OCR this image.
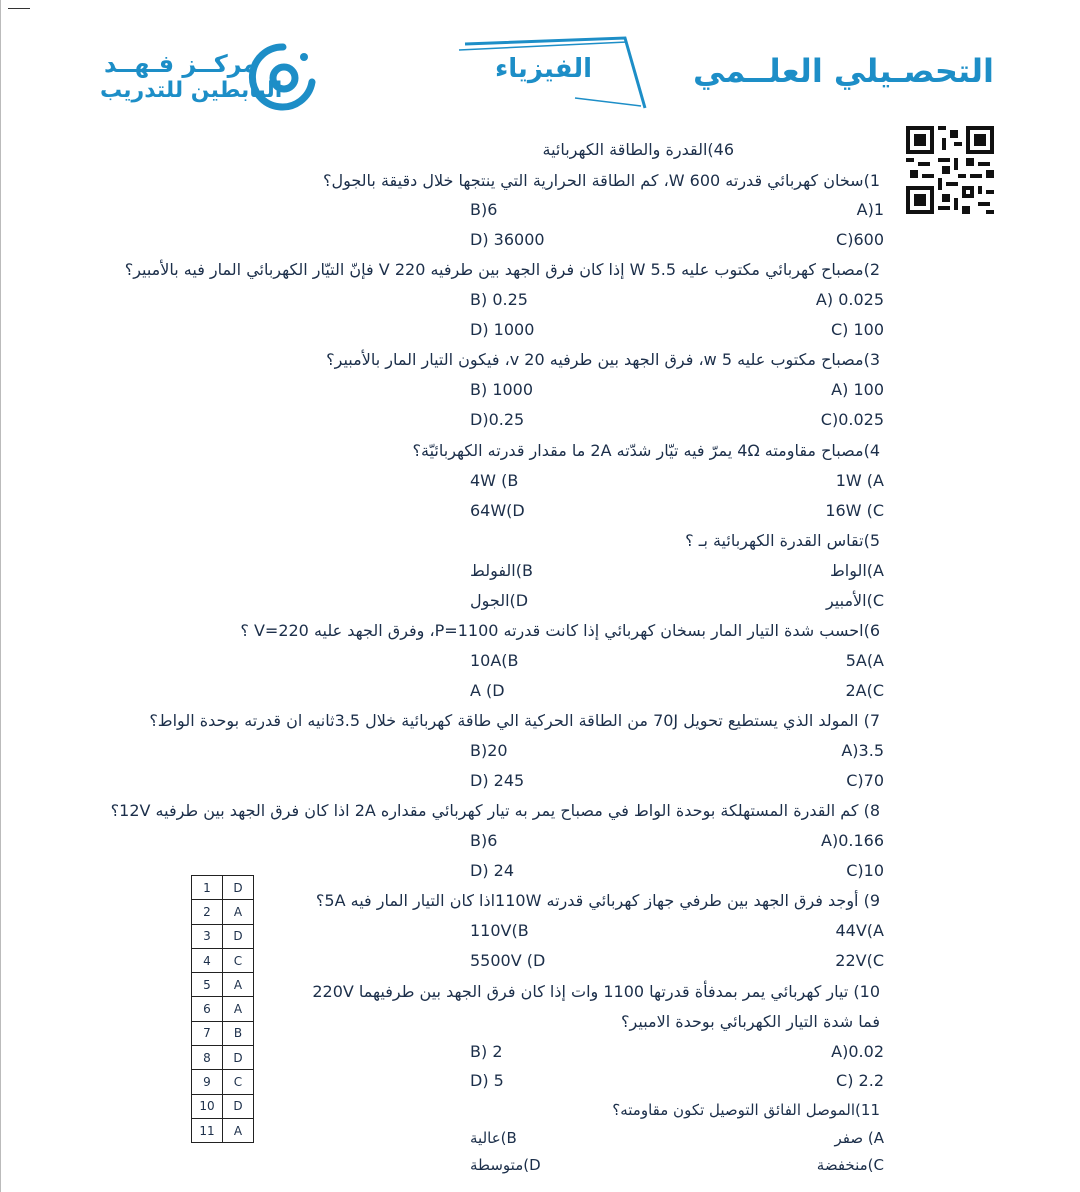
التحصـيلي العلــمي
الفيزياء
مركــز فـهــد
البابطين للتدريب
46)القدرة والطاقة الكهربائية
1)سخان كهربائي قدرته 600 W، كم الطاقة الحرارية التي ينتجها خلال دقيقة بالجول؟
1(A
6(B
600(C
36000 (D
2)مصباح كهربائي مكتوب عليه 5.5 W إذا كان فرق الجهد بين طرفيه 220 V فإنّ التيّار الكهربائي المار فيه بالأمبير؟
0.025 (A
0.25 (B
100 (C
1000 (D
3)مصباح مكتوب عليه 5 w، فرق الجهد بين طرفيه 20 v، فيكون التيار المار بالأمبير؟
100 (A
1000 (B
0.025(C
0.25(D
4)مصباح مقاومته 4Ω يمرّ فيه تيّار شدّته 2A ما مقدار قدرته الكهربائيّة؟
1W (A
4W (B
16W (C
64W(D
5)تقاس القدرة الكهربائية بـ ؟
A)الواط
B)الفولط
C)الأمبير
D)الجول
6)احسب شدة التيار المار بسخان كهربائي إذا كانت قدرته P=1100، وفرق الجهد عليه V=220 ؟
5A(A
10A(B
2A(C
A (D
7) المولد الذي يستطيع تحويل 70J من الطاقة الحركية الي طاقة كهربائية خلال 3.5ثانيه ان قدرته بوحدة الواط؟
3.5(A
20(B
70(C
245 (D
8) كم القدرة المستهلكة بوحدة الواط في مصباح يمر به تيار كهربائي مقداره 2A اذا كان فرق الجهد بين طرفيه 12V؟
0.166(A
6(B
10(C
24 (D
9) أوجد فرق الجهد بين طرفي جهاز كهربائي قدرته 110Wاذا كان التيار المار فيه 5A؟
44V(A
110V(B
22V(C
5500V (D
10) تيار كهربائي يمر بمدفأة قدرتها 1100 وات إذا كان فرق الجهد بين طرفيهما 220V
فما شدة التيار الكهربائي بوحدة الامبير؟
0.02(A
2 (B
2.2 (C
5 (D
11)الموصل الفائق التوصيل تكون مقاومته؟
A) صفر
B)عالية
C)منخفضة
D)متوسطة
1	D
2	A
3	D
4	C
5	A
6	A
7	B
8	D
9	C
10	D
11	A
